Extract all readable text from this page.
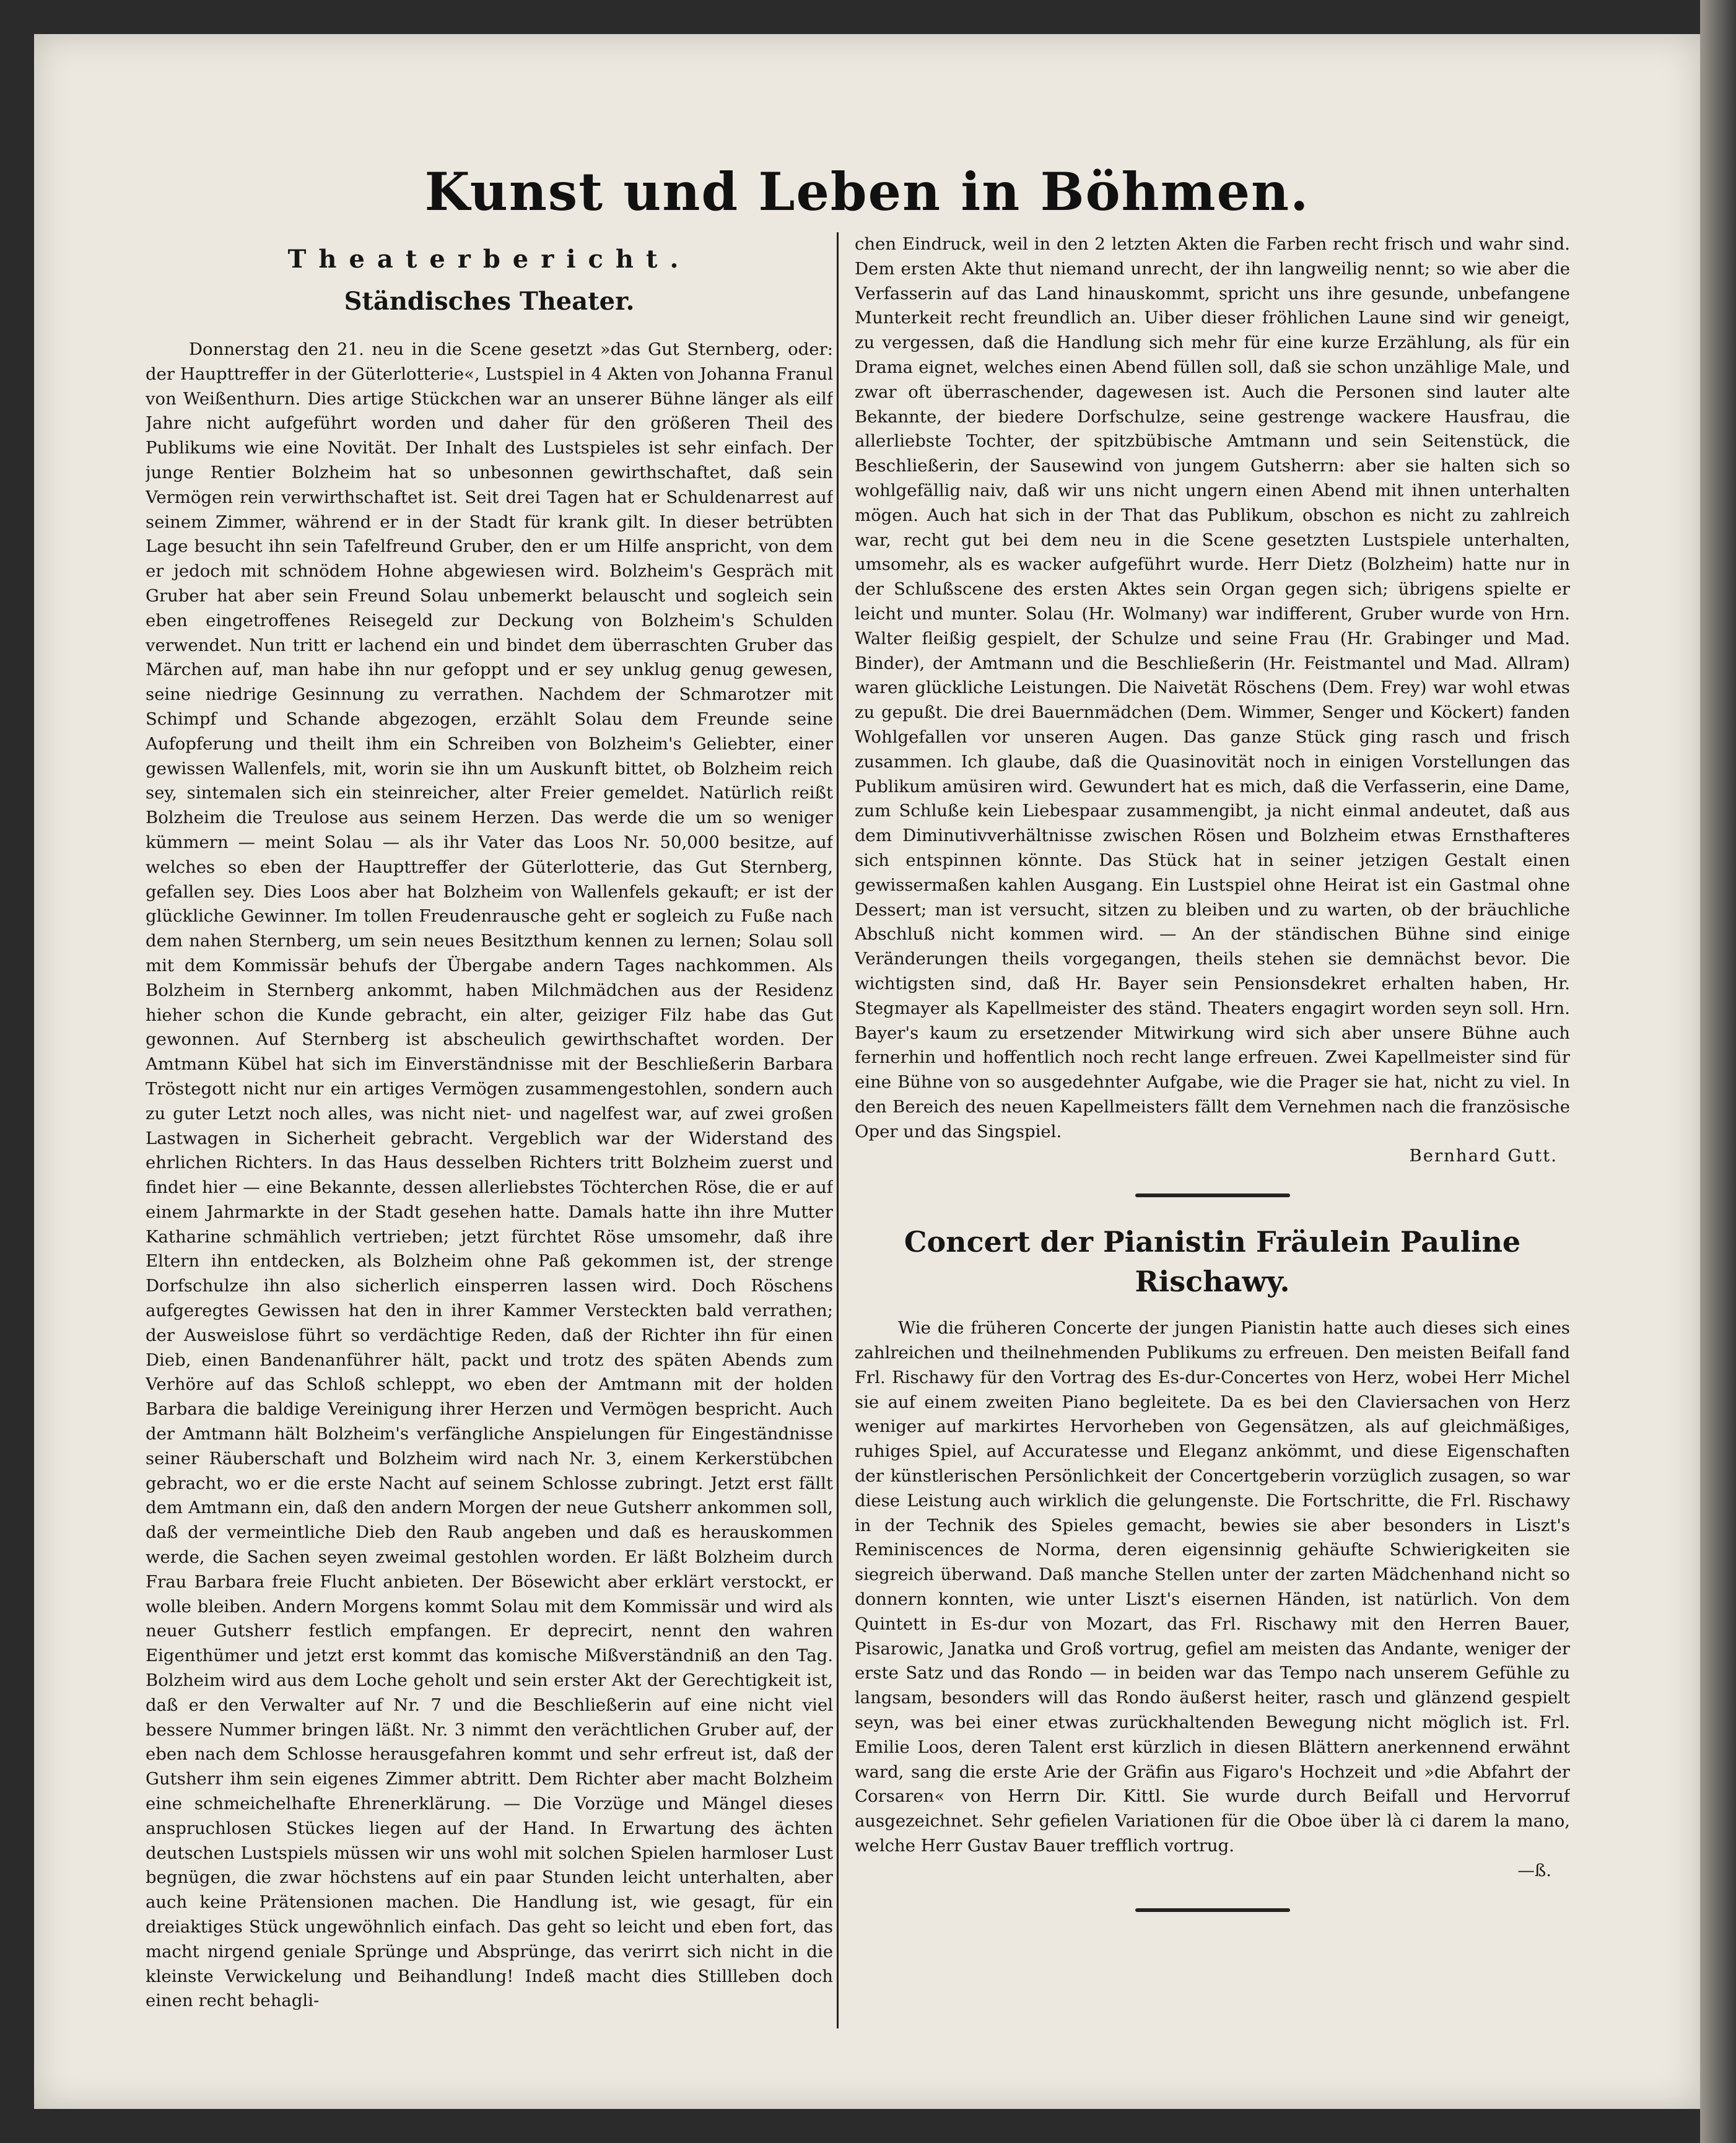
Kunst und Leben in Böhmen.
Theaterbericht.
Ständisches Theater.

Donnerstag den 21. neu in die Scene gesetzt »das Gut Sternberg, oder: der Haupttreffer in der Güterlotterie«, Lustspiel in 4 Akten von Johanna Franul von Weißenthurn. Dies artige Stückchen war an unserer Bühne länger als eilf Jahre nicht aufgeführt worden und daher für den größeren Theil des Publikums wie eine Novität. Der Inhalt des Lustspieles ist sehr einfach. Der junge Rentier Bolzheim hat so unbesonnen gewirthschaftet, daß sein Vermögen rein verwirthschaftet ist. Seit drei Tagen hat er Schuldenarrest auf seinem Zimmer, während er in der Stadt für krank gilt. In dieser betrübten Lage besucht ihn sein Tafelfreund Gruber, den er um Hilfe anspricht, von dem er jedoch mit schnödem Hohne abgewiesen wird. Bolzheim's Gespräch mit Gruber hat aber sein Freund Solau unbemerkt belauscht und sogleich sein eben eingetroffenes Reisegeld zur Deckung von Bolzheim's Schulden verwendet. Nun tritt er lachend ein und bindet dem überraschten Gruber das Märchen auf, man habe ihn nur gefoppt und er sey unklug genug gewesen, seine niedrige Gesinnung zu verrathen. Nachdem der Schmarotzer mit Schimpf und Schande abgezogen, erzählt Solau dem Freunde seine Aufopferung und theilt ihm ein Schreiben von Bolzheim's Geliebter, einer gewissen Wallenfels, mit, worin sie ihn um Auskunft bittet, ob Bolzheim reich sey, sintemalen sich ein steinreicher, alter Freier gemeldet. Natürlich reißt Bolzheim die Treulose aus seinem Herzen. Das werde die um so weniger kümmern — meint Solau — als ihr Vater das Loos Nr. 50,000 besitze, auf welches so eben der Haupttreffer der Güterlotterie, das Gut Sternberg, gefallen sey. Dies Loos aber hat Bolzheim von Wallenfels gekauft; er ist der glückliche Gewinner. Im tollen Freudenrausche geht er sogleich zu Fuße nach dem nahen Sternberg, um sein neues Besitzthum kennen zu lernen; Solau soll mit dem Kommissär behufs der Übergabe andern Tages nachkommen. Als Bolzheim in Sternberg ankommt, haben Milchmädchen aus der Residenz hieher schon die Kunde gebracht, ein alter, geiziger Filz habe das Gut gewonnen. Auf Sternberg ist abscheulich gewirthschaftet worden. Der Amtmann Kübel hat sich im Einverständnisse mit der Beschließerin Barbara Tröstegott nicht nur ein artiges Vermögen zusammengestohlen, sondern auch zu guter Letzt noch alles, was nicht niet- und nagelfest war, auf zwei großen Lastwagen in Sicherheit gebracht. Vergeblich war der Widerstand des ehrlichen Richters. In das Haus desselben Richters tritt Bolzheim zuerst und findet hier — eine Bekannte, dessen allerliebstes Töchterchen Röse, die er auf einem Jahrmarkte in der Stadt gesehen hatte. Damals hatte ihn ihre Mutter Katharine schmählich vertrieben; jetzt fürchtet Röse umsomehr, daß ihre Eltern ihn entdecken, als Bolzheim ohne Paß gekommen ist, der strenge Dorfschulze ihn also sicherlich einsperren lassen wird. Doch Röschens aufgeregtes Gewissen hat den in ihrer Kammer Versteckten bald verrathen; der Ausweislose führt so verdächtige Reden, daß der Richter ihn für einen Dieb, einen Bandenanführer hält, packt und trotz des späten Abends zum Verhöre auf das Schloß schleppt, wo eben der Amtmann mit der holden Barbara die baldige Vereinigung ihrer Herzen und Vermögen bespricht. Auch der Amtmann hält Bolzheim's verfängliche Anspielungen für Eingeständnisse seiner Räuberschaft und Bolzheim wird nach Nr. 3, einem Kerkerstübchen gebracht, wo er die erste Nacht auf seinem Schlosse zubringt. Jetzt erst fällt dem Amtmann ein, daß den andern Morgen der neue Gutsherr ankommen soll, daß der vermeintliche Dieb den Raub angeben und daß es herauskommen werde, die Sachen seyen zweimal gestohlen worden. Er läßt Bolzheim durch Frau Barbara freie Flucht anbieten. Der Bösewicht aber erklärt verstockt, er wolle bleiben. Andern Morgens kommt Solau mit dem Kommissär und wird als neuer Gutsherr festlich empfangen. Er deprecirt, nennt den wahren Eigenthümer und jetzt erst kommt das komische Mißverständniß an den Tag. Bolzheim wird aus dem Loche geholt und sein erster Akt der Gerechtigkeit ist, daß er den Verwalter auf Nr. 7 und die Beschließerin auf eine nicht viel bessere Nummer bringen läßt. Nr. 3 nimmt den verächtlichen Gruber auf, der eben nach dem Schlosse herausgefahren kommt und sehr erfreut ist, daß der Gutsherr ihm sein eigenes Zimmer abtritt. Dem Richter aber macht Bolzheim eine schmeichelhafte Ehrenerklärung. — Die Vorzüge und Mängel dieses anspruchlosen Stückes liegen auf der Hand. In Erwartung des ächten deutschen Lustspiels müssen wir uns wohl mit solchen Spielen harmloser Lust begnügen, die zwar höchstens auf ein paar Stunden leicht unterhalten, aber auch keine Prätensionen machen. Die Handlung ist, wie gesagt, für ein dreiaktiges Stück ungewöhnlich einfach. Das geht so leicht und eben fort, das macht nirgend geniale Sprünge und Absprünge, das verirrt sich nicht in die kleinste Verwickelung und Beihandlung! Indeß macht dies Stillleben doch einen recht behagli-

chen Eindruck, weil in den 2 letzten Akten die Farben recht frisch und wahr sind. Dem ersten Akte thut niemand unrecht, der ihn langweilig nennt; so wie aber die Verfasserin auf das Land hinauskommt, spricht uns ihre gesunde, unbefangene Munterkeit recht freundlich an. Uiber dieser fröhlichen Laune sind wir geneigt, zu vergessen, daß die Handlung sich mehr für eine kurze Erzählung, als für ein Drama eignet, welches einen Abend füllen soll, daß sie schon unzählige Male, und zwar oft überraschender, dagewesen ist. Auch die Personen sind lauter alte Bekannte, der biedere Dorfschulze, seine gestrenge wackere Hausfrau, die allerliebste Tochter, der spitzbübische Amtmann und sein Seitenstück, die Beschließerin, der Sausewind von jungem Gutsherrn: aber sie halten sich so wohlgefällig naiv, daß wir uns nicht ungern einen Abend mit ihnen unterhalten mögen. Auch hat sich in der That das Publikum, obschon es nicht zu zahlreich war, recht gut bei dem neu in die Scene gesetzten Lustspiele unterhalten, umsomehr, als es wacker aufgeführt wurde. Herr Dietz (Bolzheim) hatte nur in der Schlußscene des ersten Aktes sein Organ gegen sich; übrigens spielte er leicht und munter. Solau (Hr. Wolmany) war indifferent, Gruber wurde von Hrn. Walter fleißig gespielt, der Schulze und seine Frau (Hr. Grabinger und Mad. Binder), der Amtmann und die Beschließerin (Hr. Feistmantel und Mad. Allram) waren glückliche Leistungen. Die Naivetät Röschens (Dem. Frey) war wohl etwas zu gepußt. Die drei Bauernmädchen (Dem. Wimmer, Senger und Köckert) fanden Wohlgefallen vor unseren Augen. Das ganze Stück ging rasch und frisch zusammen. Ich glaube, daß die Quasinovität noch in einigen Vorstellungen das Publikum amüsiren wird. Gewundert hat es mich, daß die Verfasserin, eine Dame, zum Schluße kein Liebespaar zusammengibt, ja nicht einmal andeutet, daß aus dem Diminutivverhältnisse zwischen Rösen und Bolzheim etwas Ernsthafteres sich entspinnen könnte. Das Stück hat in seiner jetzigen Gestalt einen gewissermaßen kahlen Ausgang. Ein Lustspiel ohne Heirat ist ein Gastmal ohne Dessert; man ist versucht, sitzen zu bleiben und zu warten, ob der bräuchliche Abschluß nicht kommen wird. — An der ständischen Bühne sind einige Veränderungen theils vorgegangen, theils stehen sie demnächst bevor. Die wichtigsten sind, daß Hr. Bayer sein Pensionsdekret erhalten haben, Hr. Stegmayer als Kapellmeister des ständ. Theaters engagirt worden seyn soll. Hrn. Bayer's kaum zu ersetzender Mitwirkung wird sich aber unsere Bühne auch fernerhin und hoffentlich noch recht lange erfreuen. Zwei Kapellmeister sind für eine Bühne von so ausgedehnter Aufgabe, wie die Prager sie hat, nicht zu viel. In den Bereich des neuen Kapellmeisters fällt dem Vernehmen nach die französische Oper und das Singspiel.

Bernhard Gutt.
Concert der Pianistin Fräulein Pauline Rischawy.

Wie die früheren Concerte der jungen Pianistin hatte auch dieses sich eines zahlreichen und theilnehmenden Publikums zu erfreuen. Den meisten Beifall fand Frl. Rischawy für den Vortrag des Es-dur-Concertes von Herz, wobei Herr Michel sie auf einem zweiten Piano begleitete. Da es bei den Claviersachen von Herz weniger auf markirtes Hervorheben von Gegensätzen, als auf gleichmäßiges, ruhiges Spiel, auf Accuratesse und Eleganz ankömmt, und diese Eigenschaften der künstlerischen Persönlichkeit der Concertgeberin vorzüglich zusagen, so war diese Leistung auch wirklich die gelungenste. Die Fortschritte, die Frl. Rischawy in der Technik des Spieles gemacht, bewies sie aber besonders in Liszt's Reminiscences de Norma, deren eigensinnig gehäufte Schwierigkeiten sie siegreich überwand. Daß manche Stellen unter der zarten Mädchenhand nicht so donnern konnten, wie unter Liszt's eisernen Händen, ist natürlich. Von dem Quintett in Es-dur von Mozart, das Frl. Rischawy mit den Herren Bauer, Pisarowic, Janatka und Groß vortrug, gefiel am meisten das Andante, weniger der erste Satz und das Rondo — in beiden war das Tempo nach unserem Gefühle zu langsam, besonders will das Rondo äußerst heiter, rasch und glänzend gespielt seyn, was bei einer etwas zurückhaltenden Bewegung nicht möglich ist. Frl. Emilie Loos, deren Talent erst kürzlich in diesen Blättern anerkennend erwähnt ward, sang die erste Arie der Gräfin aus Figaro's Hochzeit und »die Abfahrt der Corsaren« von Herrn Dir. Kittl. Sie wurde durch Beifall und Hervorruf ausgezeichnet. Sehr gefielen Variationen für die Oboe über là ci darem la mano, welche Herr Gustav Bauer trefflich vortrug.

—ß.
